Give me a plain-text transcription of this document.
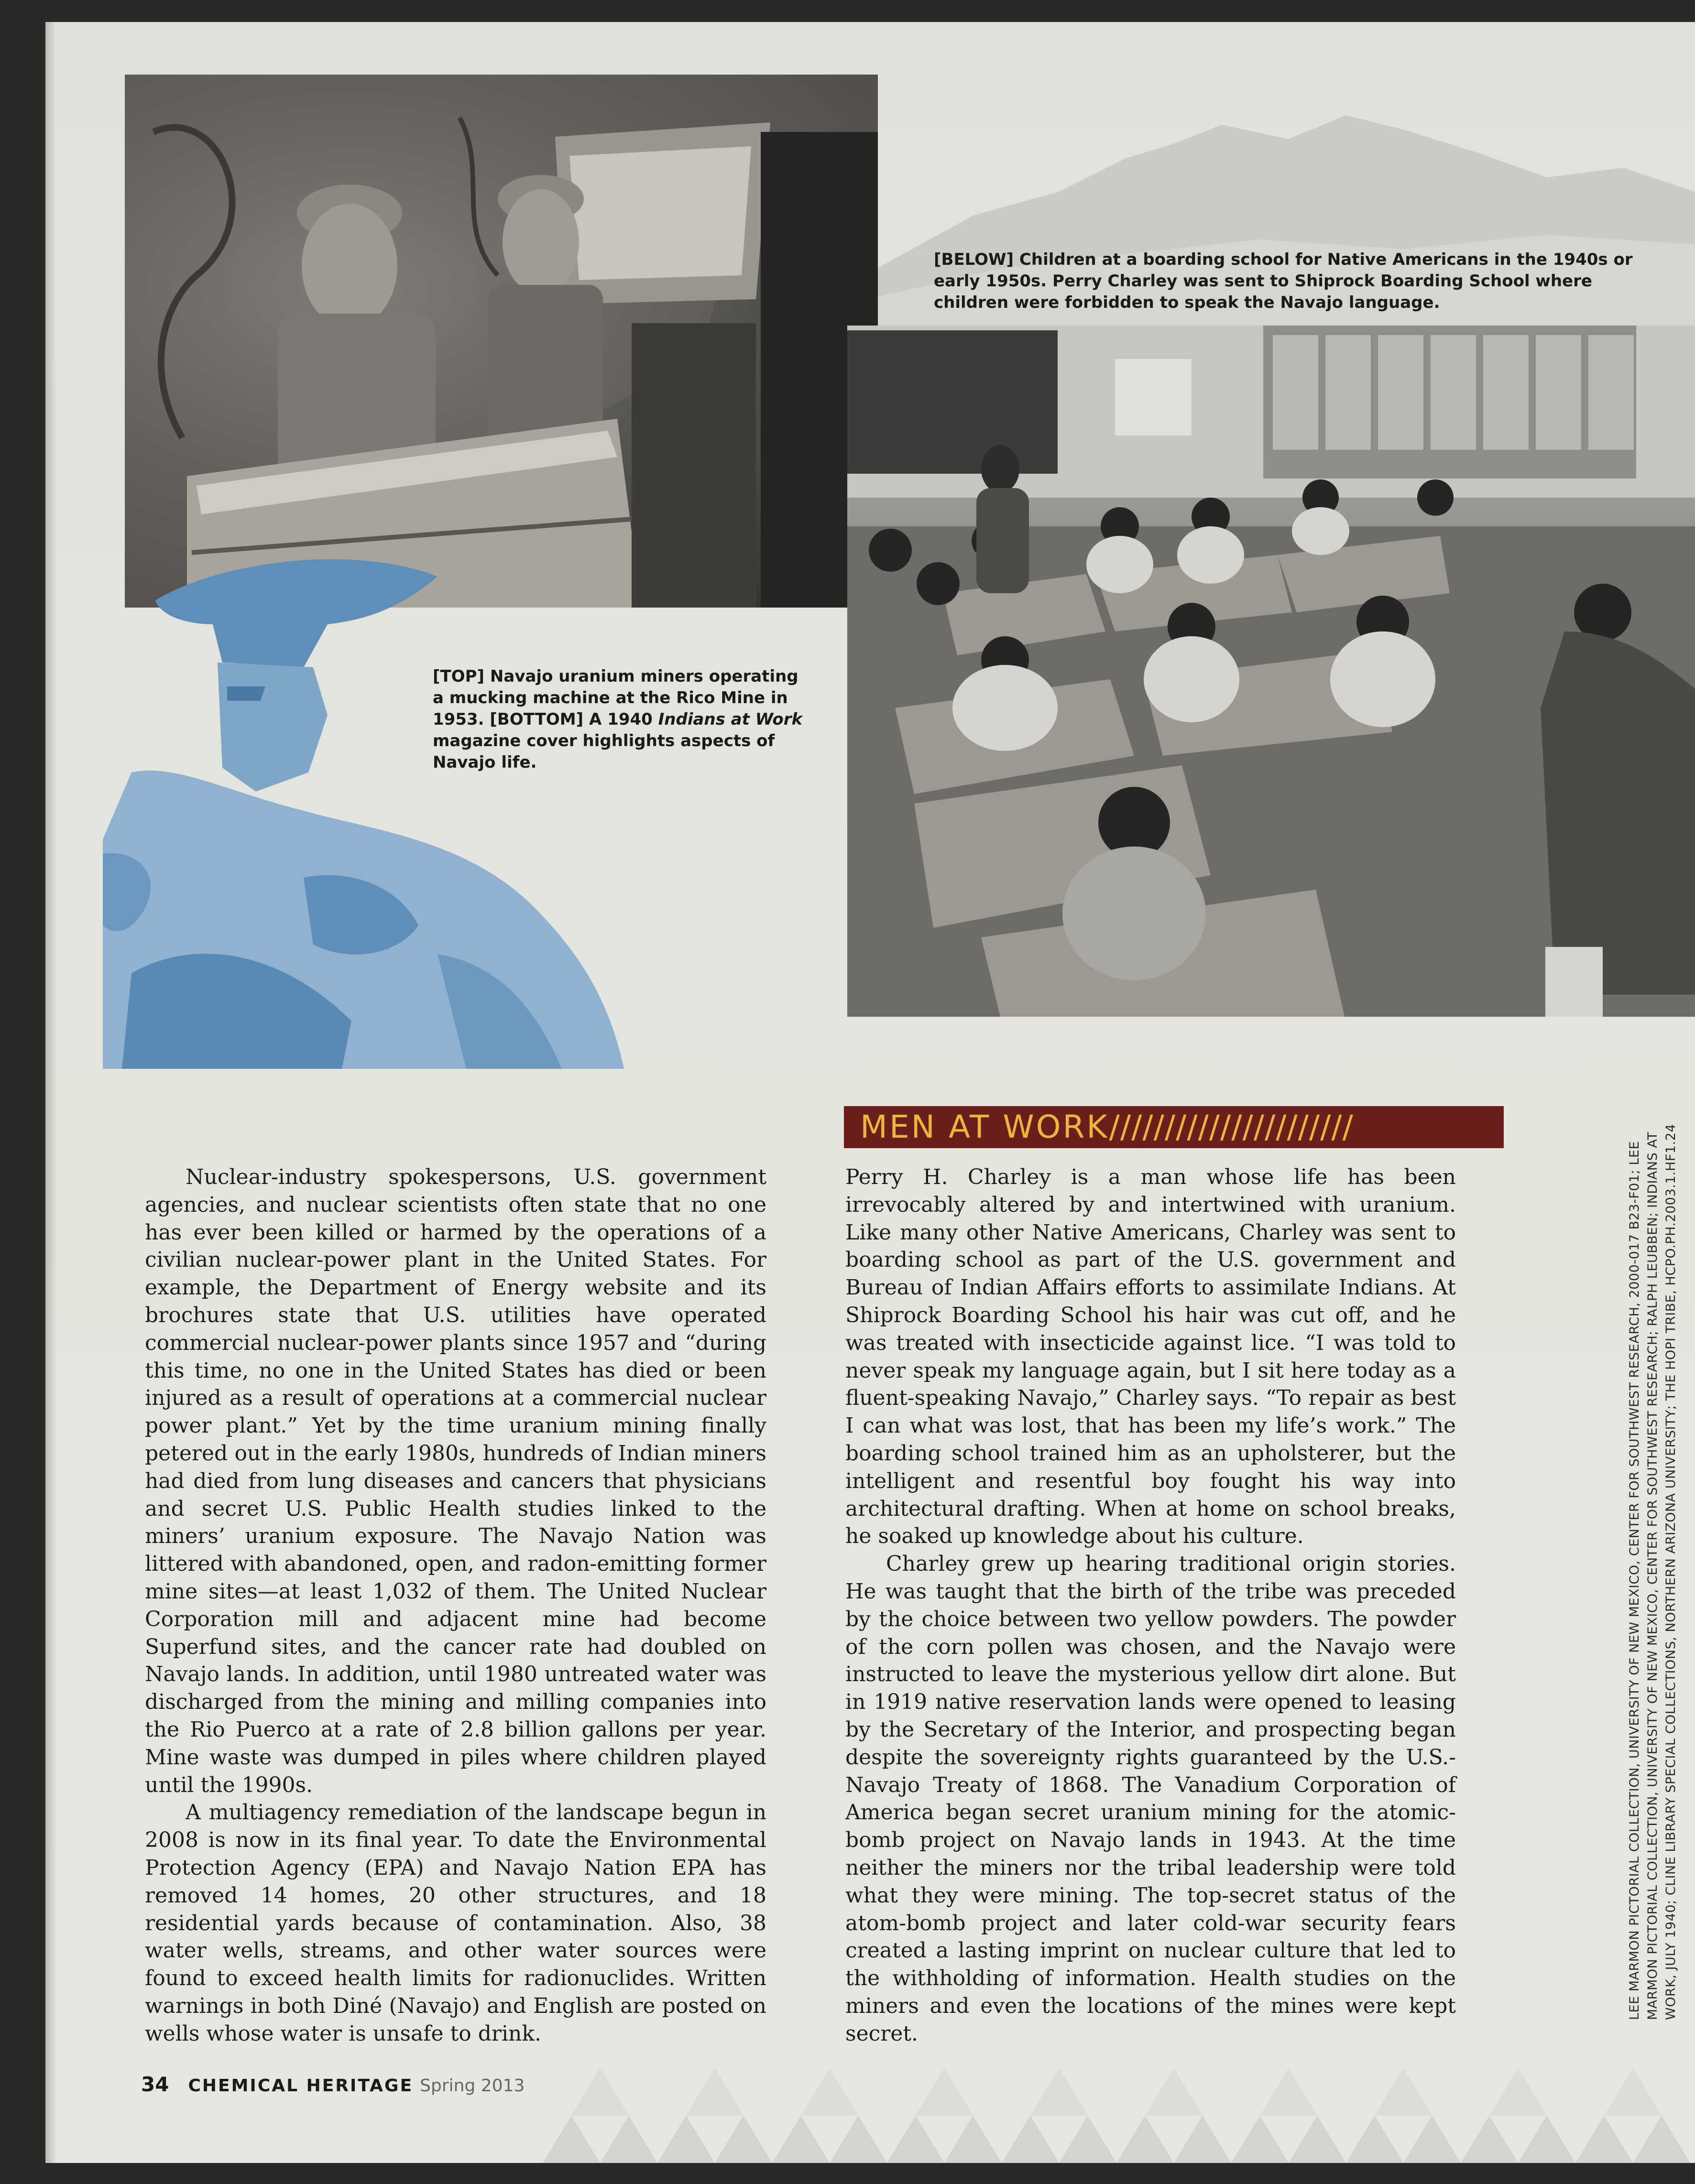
[BELOW] Children at a boarding school for Native Americans in the 1940s or early 1950s. Perry Charley was sent to Shiprock Boarding School where children were forbidden to speak the Navajo language.
[TOP] Navajo uranium miners operating
a mucking machine at the Rico Mine in
1953. [BOTTOM] A 1940 Indians at Work magazine cover highlights aspects of Navajo life.
MEN AT WORK//////////////////////

Nuclear-industry spokespersons, U.S. government agencies, and nuclear scientists often state that no one has ever been killed or harmed by the operations of a civilian nuclear-power plant in the United States. For example, the Department of Energy website and its brochures state that U.S. utilities have operated commercial nuclear-power plants since 1957 and “during this time, no one in the United States has died or been injured as a result of operations at a commercial nuclear power plant.” Yet by the time uranium mining finally petered out in the early 1980s, hundreds of Indian miners had died from lung diseases and cancers that physicians and secret U.S. Public Health studies linked to the miners’ uranium exposure. The Navajo Nation was littered with abandoned, open, and radon-emitting former mine sites—at least 1,032 of them. The United Nuclear Corporation mill and adjacent mine had become Superfund sites, and the cancer rate had doubled on Navajo lands. In addition, until 1980 untreated water was discharged from the mining and milling companies into the Rio Puerco at a rate of 2.8 billion gallons per year. Mine waste was dumped in piles where children played until the 1990s.

A multiagency remediation of the landscape begun in 2008 is now in its final year. To date the Environmental Protection Agency (EPA) and Navajo Nation EPA has removed 14 homes, 20 other structures, and 18 residential yards because of contamination. Also, 38 water wells, streams, and other water sources were found to exceed health limits for radionuclides. Written warnings in both Diné (Navajo) and English are posted on wells whose water is unsafe to drink.

Perry H. Charley is a man whose life has been irrevocably altered by and intertwined with uranium. Like many other Native Americans, Charley was sent to boarding school as part of the U.S. government and Bureau of Indian Affairs efforts to assimilate Indians. At Shiprock Boarding School his hair was cut off, and he was treated with insecticide against lice. “I was told to never speak my language again, but I sit here today as a fluent-speaking Navajo,” Charley says. “To repair as best I can what was lost, that has been my life’s work.” The boarding school trained him as an upholsterer, but the intelligent and resentful boy fought his way into architectural drafting. When at home on school breaks, he soaked up knowledge about his culture.

Charley grew up hearing traditional origin stories. He was taught that the birth of the tribe was preceded by the choice between two yellow powders. The powder of the corn pollen was chosen, and the Navajo were instructed to leave the mysterious yellow dirt alone. But in 1919 native reservation lands were opened to leasing by the Secretary of the Interior, and prospecting began despite the sovereignty rights guaranteed by the U.S.-Navajo Treaty of 1868. The Vanadium Corporation of America began secret uranium mining for the atomic-bomb project on Navajo lands in 1943. At the time neither the miners nor the tribal leadership were told what they were mining. The top-secret status of the atom-bomb project and later cold-war security fears created a lasting imprint on nuclear culture that led to the withholding of information. Health studies on the miners and even the locations of the mines were kept secret.

LEE MARMON PICTORIAL COLLECTION, UNIVERSITY OF NEW MEXICO, CENTER FOR SOUTHWEST RESEARCH, 2000-017 B23-F01; LEE MARMON PICTORIAL COLLECTION, UNIVERSITY OF NEW MEXICO, CENTER FOR SOUTHWEST RESEARCH; RALPH LEUBBEN; INDIANS AT WORK, JULY 1940; CLINE LIBRARY SPECIAL COLLECTIONS, NORTHERN ARIZONA UNIVERSITY; THE HOPI TRIBE, HCPO.PH.2003.1.HF1.24
34 CHEMICAL HERITAGE Spring 2013
